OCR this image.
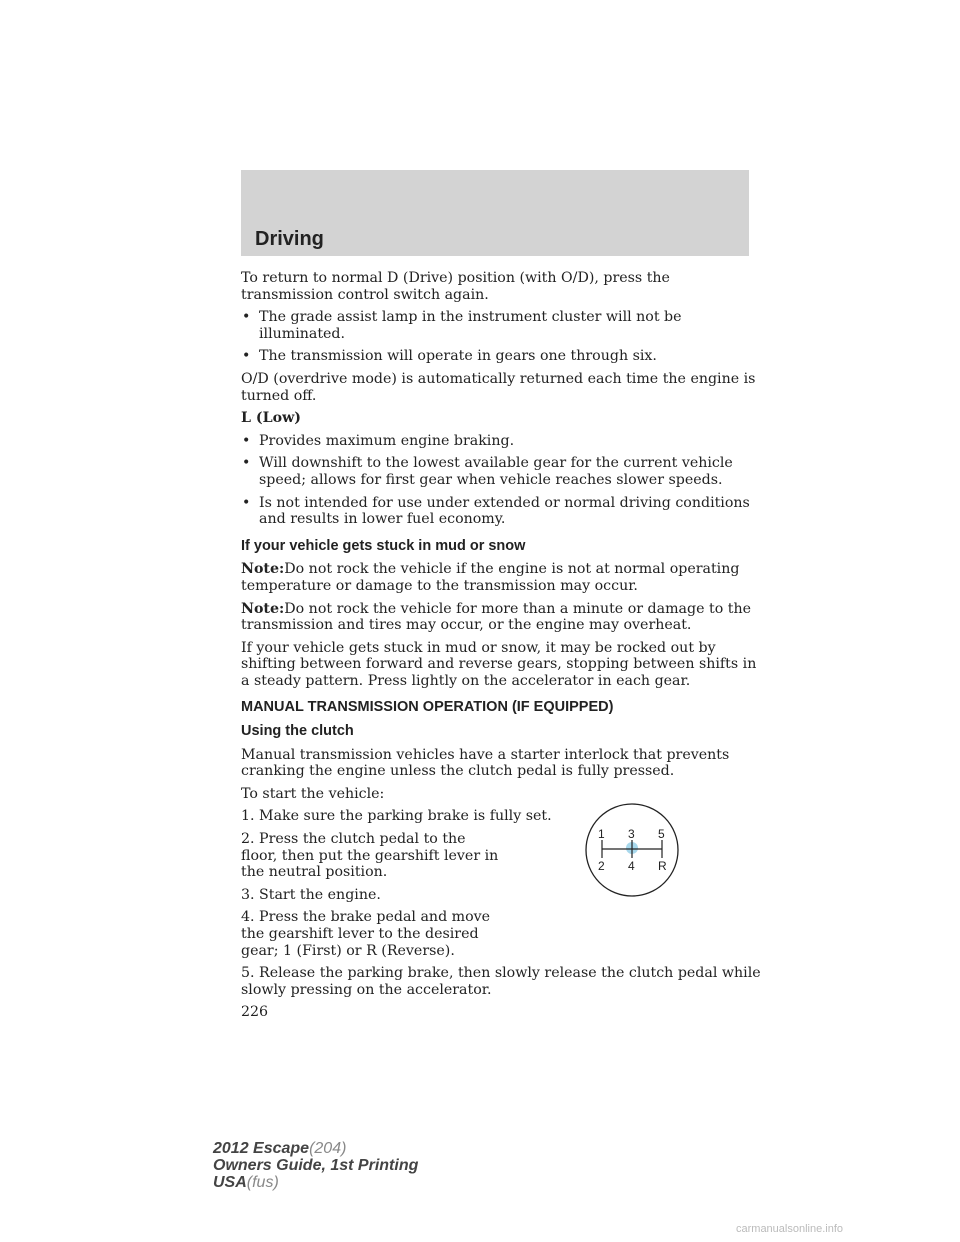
Driving

To return to normal D (Drive) position (with O/D), press the transmission control switch again.

• The grade assist lamp in the instrument cluster will not be illuminated.
• The transmission will operate in gears one through six.

O/D (overdrive mode) is automatically returned each time the engine is turned off.

L (Low)

• Provides maximum engine braking.
• Will downshift to the lowest available gear for the current vehicle speed; allows for first gear when vehicle reaches slower speeds.
• Is not intended for use under extended or normal driving conditions and results in lower fuel economy.
If your vehicle gets stuck in mud or snow

Note:Do not rock the vehicle if the engine is not at normal operating temperature or damage to the transmission may occur.

Note:Do not rock the vehicle for more than a minute or damage to the transmission and tires may occur, or the engine may overheat.

If your vehicle gets stuck in mud or snow, it may be rocked out by shifting between forward and reverse gears, stopping between shifts in a steady pattern. Press lightly on the accelerator in each gear.

MANUAL TRANSMISSION OPERATION (IF EQUIPPED)
Using the clutch

Manual transmission vehicles have a starter interlock that prevents cranking the engine unless the clutch pedal is fully pressed.

To start the vehicle:

1. Make sure the parking brake is fully set.

2. Press the clutch pedal to the floor, then put the gearshift lever in the neutral position.

3. Start the engine.

4. Press the brake pedal and move the gearshift lever to the desired gear; 1 (First) or R (Reverse).

5. Release the parking brake, then slowly release the clutch pedal while slowly pressing on the accelerator.

226
1 3 5
2 4 R
2012 Escape(204)
Owners Guide, 1st Printing
USA(fus)
carmanualsonline.info
